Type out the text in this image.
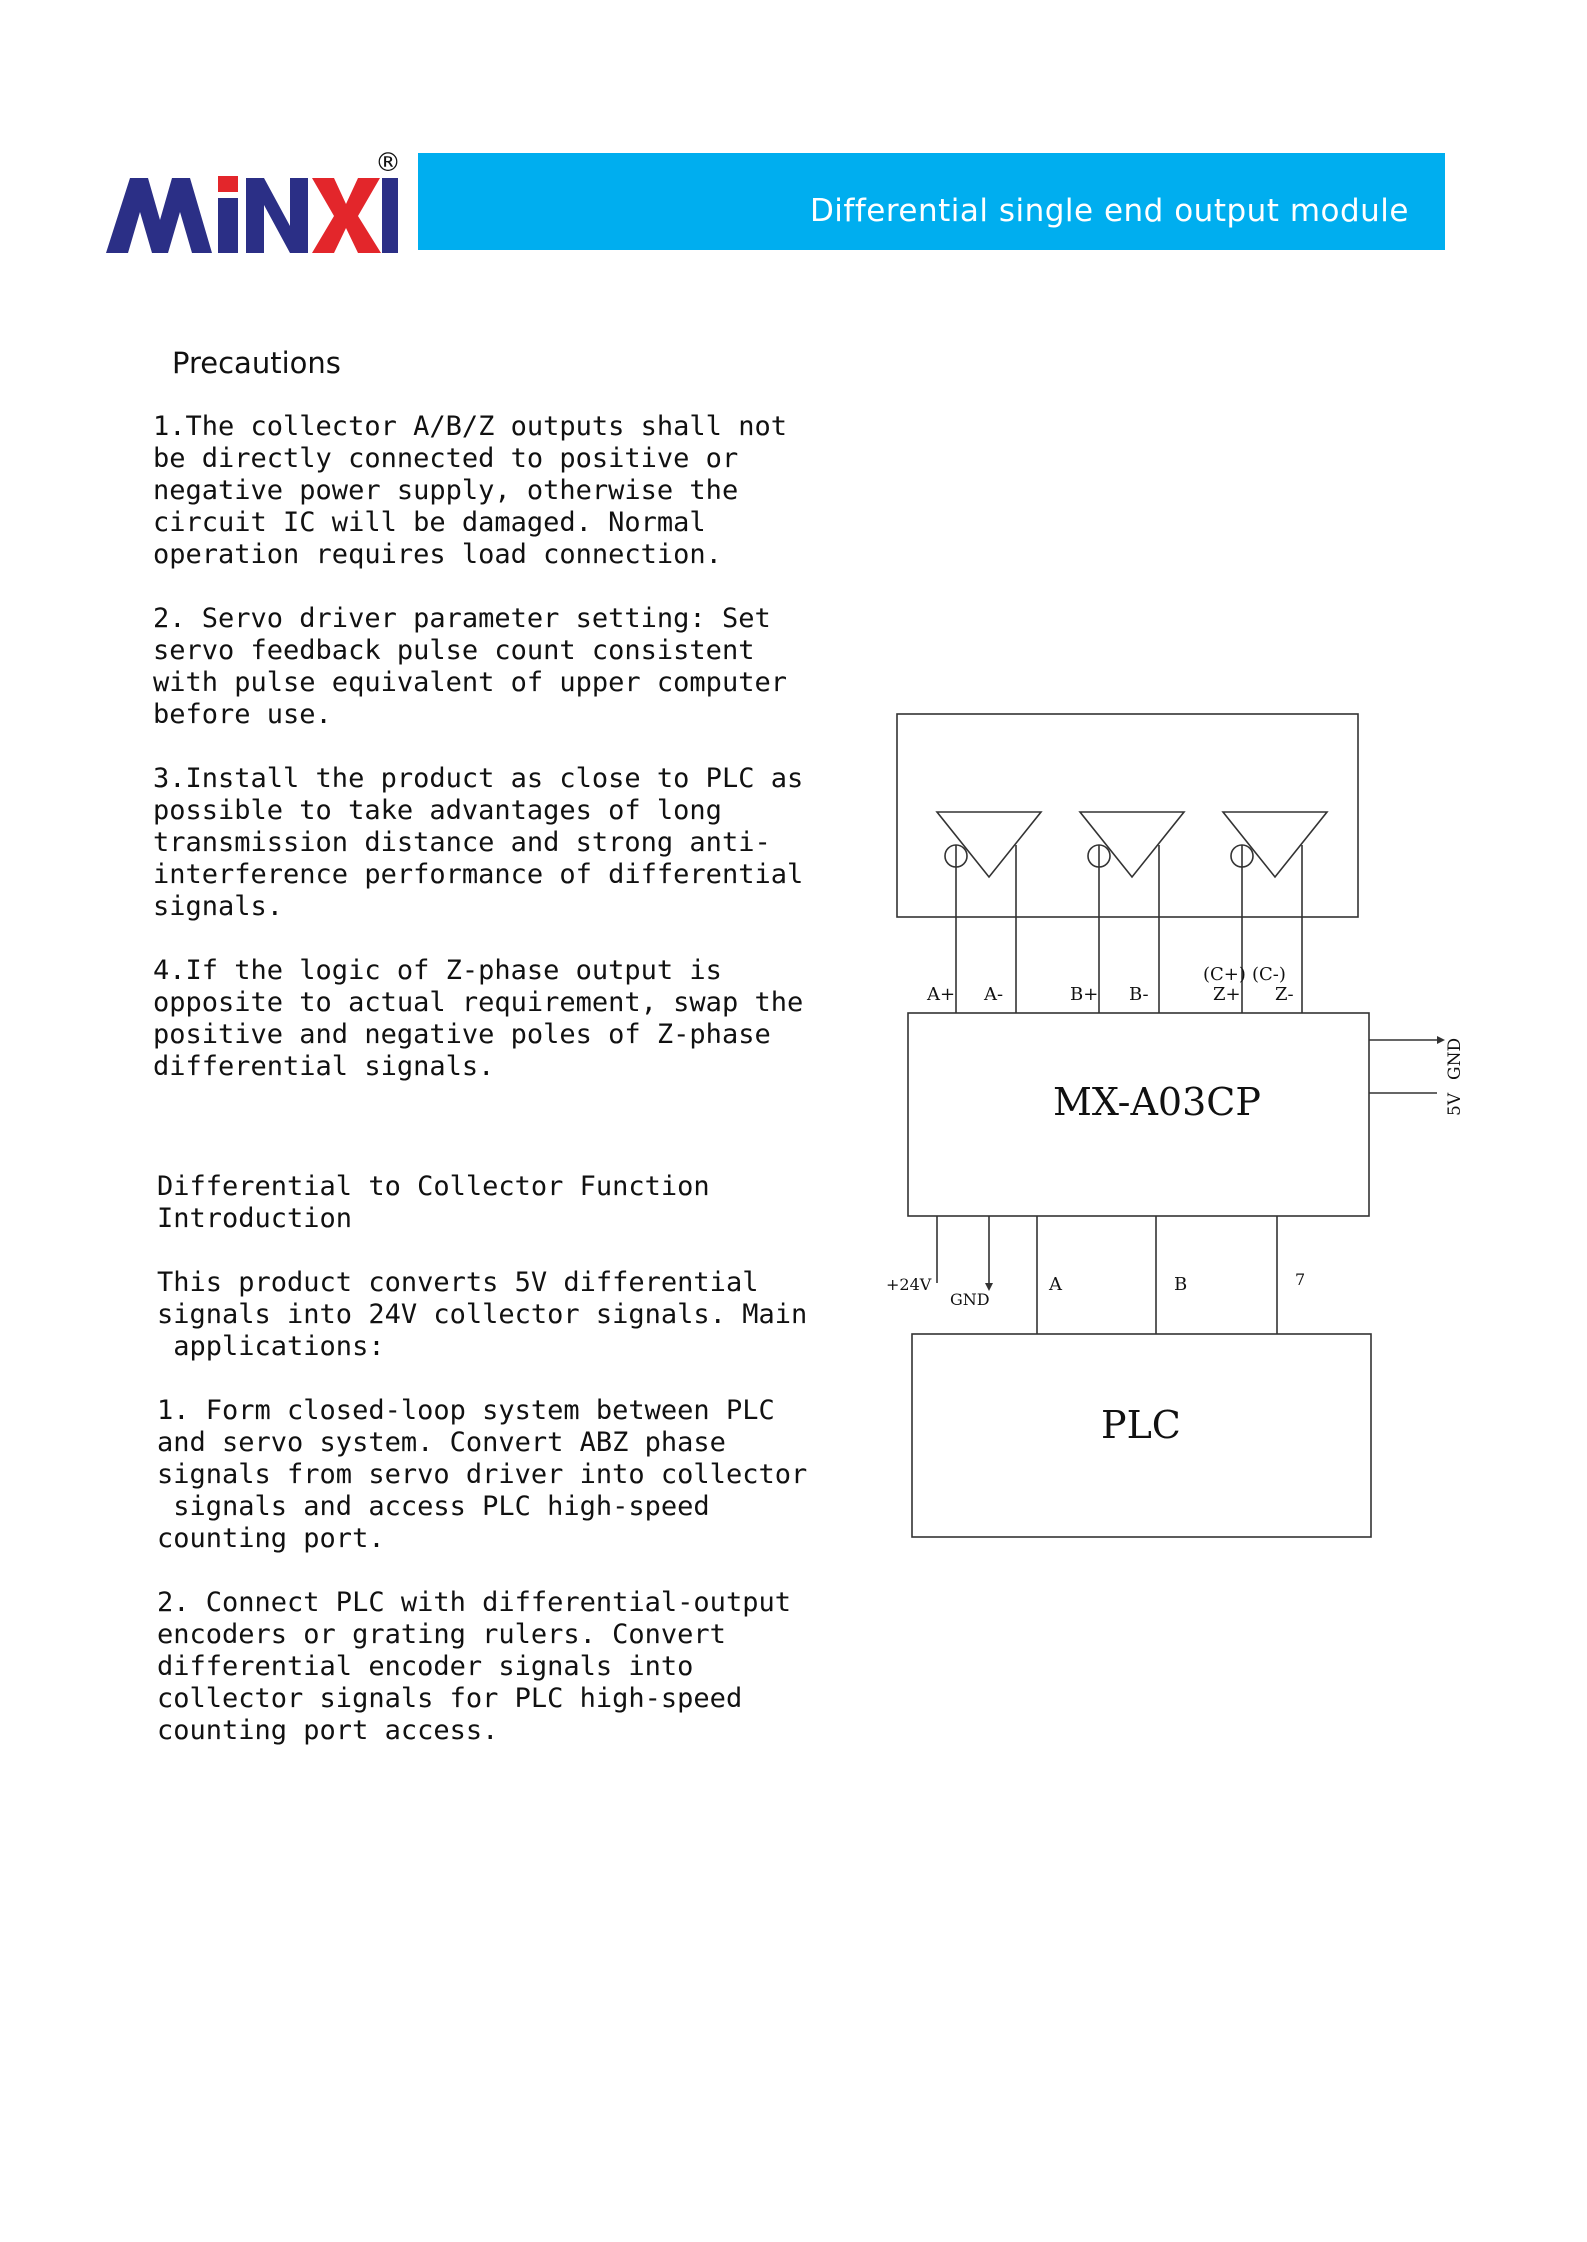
®
Differential single end output module
Precautions

1.The collector A/B/Z outputs shall not
be directly connected to positive or
negative power supply, otherwise the
circuit IC will be damaged. Normal
operation requires load connection.

2. Servo driver parameter setting: Set
servo feedback pulse count consistent
with pulse equivalent of upper computer
before use.

3.Install the product as close to PLC as
possible to take advantages of long
transmission distance and strong anti-
interference performance of differential
signals.

4.If the logic of Z-phase output is
opposite to actual requirement, swap the
positive and negative poles of Z-phase
differential signals.

Differential to Collector Function
Introduction

This product converts 5V differential
signals into 24V collector signals. Main
applications:

1. Form closed-loop system between PLC
and servo system. Convert ABZ phase
signals from servo driver into collector
signals and access PLC high-speed
counting port.

2. Connect PLC with differential-output
encoders or grating rulers. Convert
differential encoder signals into
collector signals for PLC high-speed
counting port access.

A+ A-	B+ B-
(C+) (C-)
Z+ Z-
MX-A03CP
GND
5V
+24V
GND
A	B	7
PLC
